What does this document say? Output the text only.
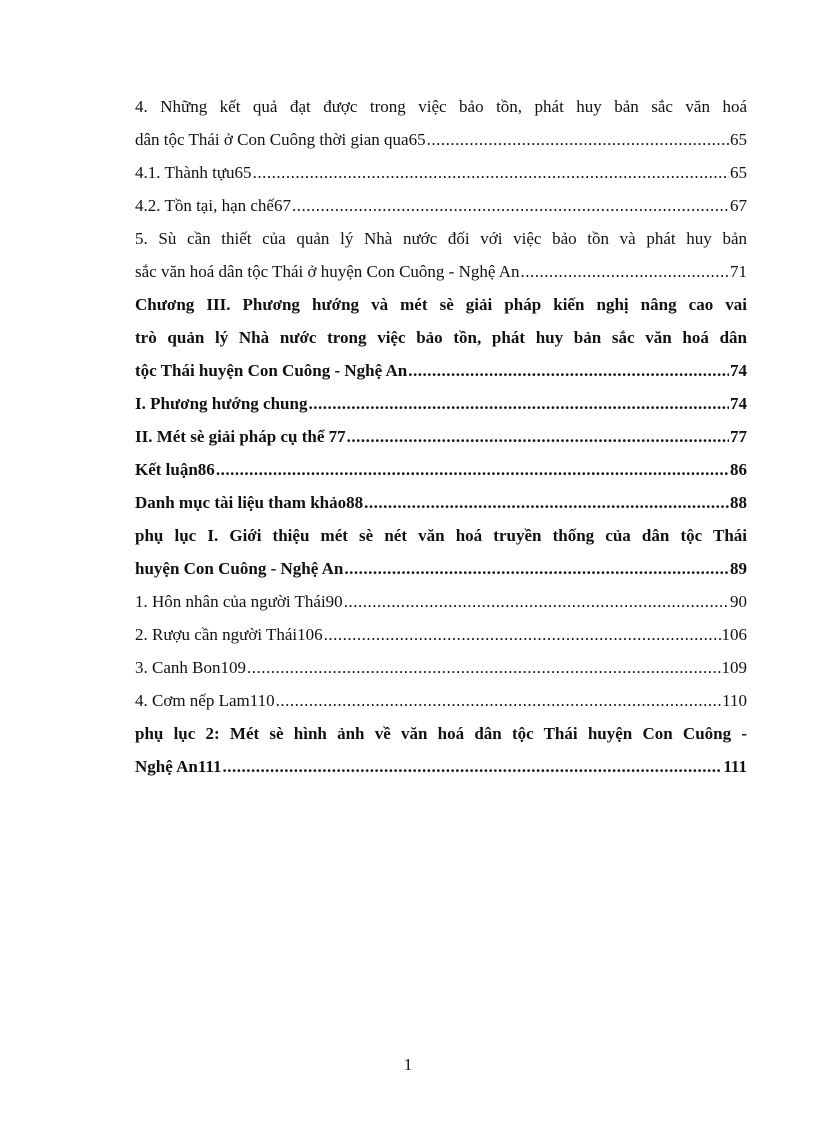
4. Những kết quả đạt được trong việc bảo tồn, phát huy bản sắc văn hoá
dân tộc Thái ở Con Cuông thời gian qua65 .....	65
4.1. Thành tựu65 .....	65
4.2. Tồn tại, hạn chế67 .....	67
5. Sù cần thiết của quản lý Nhà nước đối với việc bảo tồn và phát huy bản
sắc văn hoá dân tộc Thái ở huyện Con Cuông - Nghệ An .....	71
Chương III. Phương hướng và mét sè giải pháp kiến nghị nâng cao vai
trò quản lý Nhà nước trong việc bảo tồn, phát huy bản sắc văn hoá dân
tộc Thái huyện Con Cuông - Nghệ An .....	74
I. Phương hướng chung .....	74
II. Mét sè giải pháp cụ thể 77 .....	77
Kết luận86 .....	86
Danh mục tài liệu tham khảo88 .....	88
phụ lục I. Giới thiệu mét sè nét văn hoá truyền thống của dân tộc Thái
huyện Con Cuông - Nghệ An .....	89
1. Hôn nhân của người Thái90 .....	90
2. Rượu cần người Thái106 .....	106
3. Canh Bon109 .....	109
4. Cơm nếp Lam110 .....	110
phụ lục 2: Mét sè hình ảnh về văn hoá dân tộc Thái huyện Con Cuông -
Nghệ An111 .....	111
1
